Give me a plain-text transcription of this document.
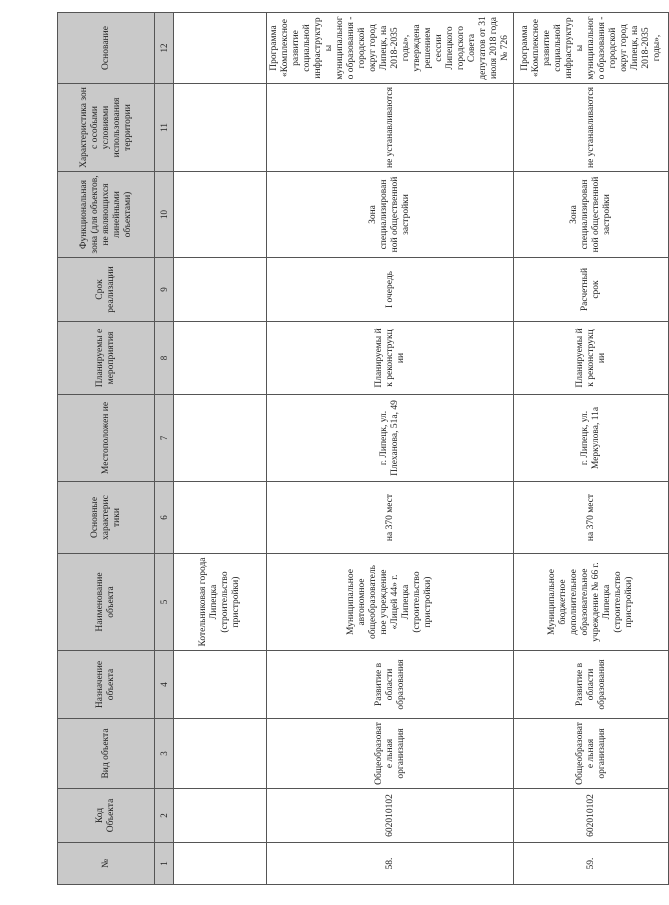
№	Код Объекта	Вид объекта	Назначение объекта	Наименование объекта	Основные характерис тики	Местоположен ие	Планируемы е мероприятия	Срок реализации	Функциональная зона (для объектов, не являющихся линейными объектами)	Характеристика зон с особыми условиями использования территории	Основание
1	2	3	4	5	6	7	8	9	10	11	12
				Котельниковая города Липецка (строительство пристройки)							
58.	602010102	Общеобразовате льная организация	Развитие в области образования	Муниципальное автономное общеобразователь ное учреждение «Лицей 44» г. Липецка (строительство пристройки)	на 370 мест	г. Липецк, ул. Плеханова, 51а, 49	Планируемы й к реконструкц ии	I очередь	Зона специализирован ной общественной застройки	не устанавливаются	Программа «Комплексное развитие социальной инфраструктуры муниципального образования - городской округ город Липецк, на 2018-2035 годы», утверждена решением сессии Липецкого городского Совета депутатов от 31 июля 2018 года № 726
59.	602010102	Общеобразовате льная организация	Развитие в области образования	Муниципальное бюджетное дополнительное образовательное учреждение № 66 г. Липецка (строительство пристройки)	на 370 мест	г. Липецк, ул. Меркулова, 11а	Планируемы й к реконструкц ии	Расчетный срок	Зона специализирован ной общественной застройки	не устанавливаются	Программа «Комплексное развитие социальной инфраструктуры муниципального образования - городской округ город Липецк, на 2018-2035 годы»,
